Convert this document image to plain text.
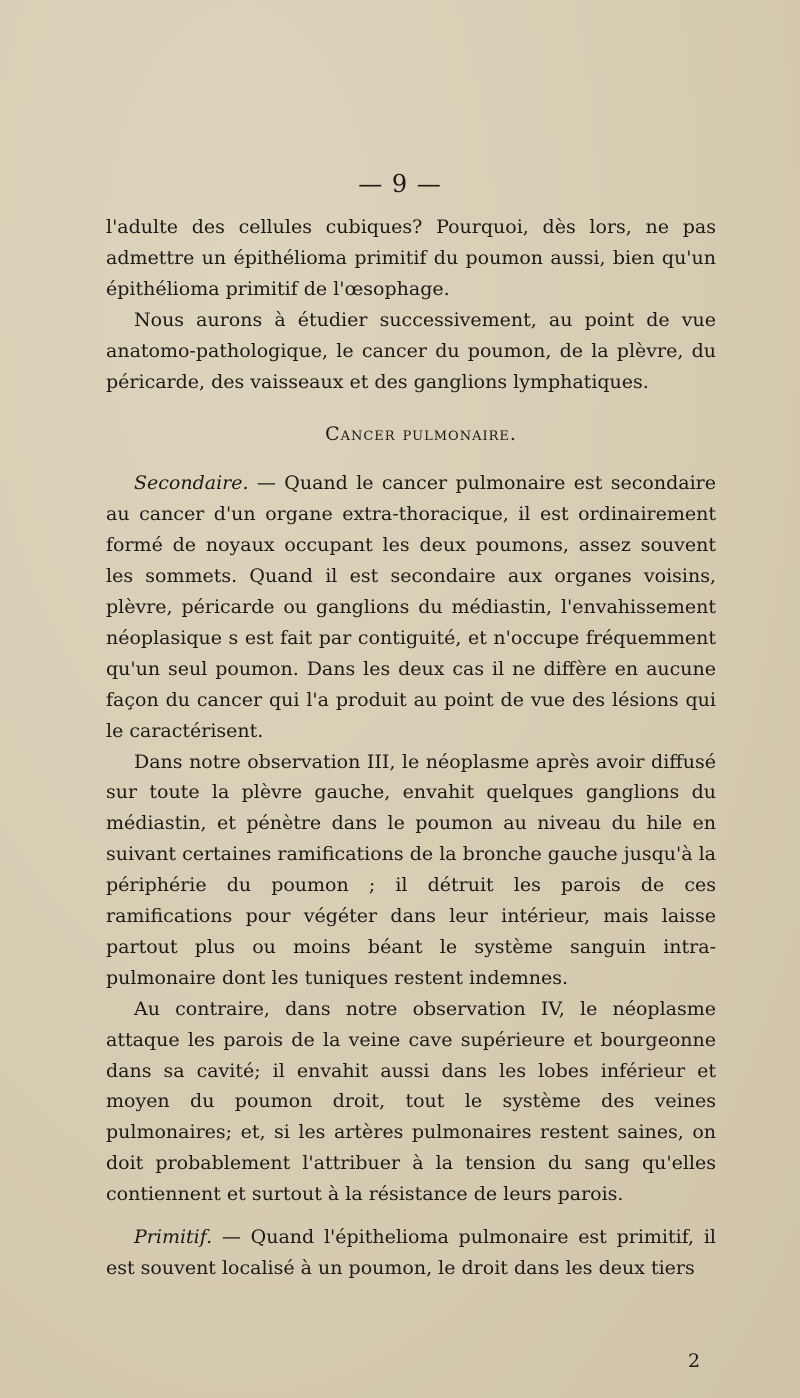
— 9 —

l'adulte des cellules cubiques? Pourquoi, dès lors, ne pas admettre un épithélioma primitif du poumon aussi, bien qu'un épithélioma primitif de l'œsophage.

Nous aurons à étudier successivement, au point de vue anatomo-pathologique, le cancer du poumon, de la plèvre, du péricarde, des vaisseaux et des ganglions lymphatiques.

Cancer pulmonaire.

Secondaire. — Quand le cancer pulmonaire est secondaire au cancer d'un organe extra-thoracique, il est ordinairement formé de noyaux occupant les deux poumons, assez souvent les sommets. Quand il est secondaire aux organes voisins, plèvre, péricarde ou ganglions du médiastin, l'envahissement néoplasique s est fait par contiguité, et n'occupe fréquemment qu'un seul poumon. Dans les deux cas il ne diffère en aucune façon du cancer qui l'a produit au point de vue des lésions qui le caractérisent.

Dans notre observation III, le néoplasme après avoir diffusé sur toute la plèvre gauche, envahit quelques ganglions du médiastin, et pénètre dans le poumon au niveau du hile en suivant certaines ramifications de la bronche gauche jusqu'à la périphérie du poumon ; il détruit les parois de ces ramifications pour végéter dans leur intérieur, mais laisse partout plus ou moins béant le système sanguin intra-pulmonaire dont les tuniques restent indemnes.

Au contraire, dans notre observation IV, le néoplasme attaque les parois de la veine cave supérieure et bourgeonne dans sa cavité; il envahit aussi dans les lobes inférieur et moyen du poumon droit, tout le système des veines pulmonaires; et, si les artères pulmonaires restent saines, on doit probablement l'attribuer à la tension du sang qu'elles contiennent et surtout à la résistance de leurs parois.

Primitif. — Quand l'épithelioma pulmonaire est primitif, il est souvent localisé à un poumon, le droit dans les deux tiers

2
